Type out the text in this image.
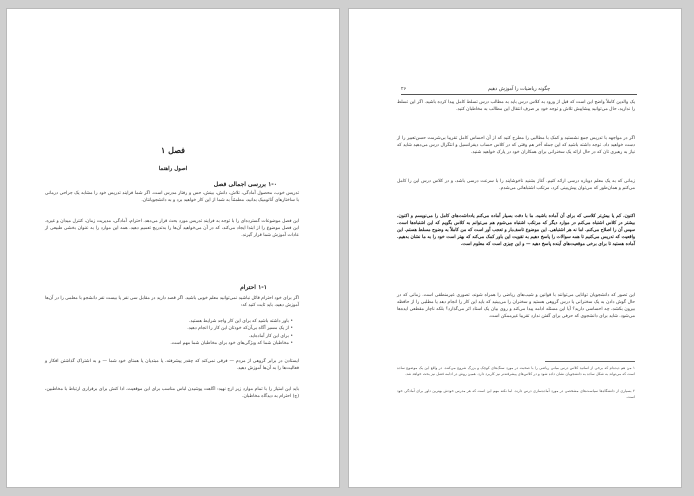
فصل ۱
اصول راهنما
۱-۰ بررسی اجمالی فصل

تدریس خوب، محصول آمادگی، تلاش، دانش، بینش، حس و رفتار مدرس است. اگر شما فرایند تدریس خود را مشابه یک جراحی درمانی با ساختارهای آناتومیک بدانید، مطمئناً به شما از این کار خواهید برد و به دانشجویانتان.

این فصل موضوعات گسترده‌ای را با توجه به فرایند تدریس مورد بحث قرار می‌دهد. احترام، آمادگی، مدیریت زمان، کنترل میدان و غیره. این فصل موضوع را از ابتدا ایجاد می‌کند، که در آن می‌خواهید آن‌ها را به‌تدریج تعمیم دهید. همه این موارد را به عنوان بخشی طبیعی از عادات آموزش شما قرار گیرند.

۱-۱ احترام

اگر برای خود احترام قائل نباشید نمی‌توانید معلم خوبی باشید. اگر قصد دارید در مقابل سی نفر یا بیست نفر دانشجو با معلمی را در آن‌ها آموزش دهید، باید ثابت کنید که:

• باور داشته باشید که برای این کار واجد شرایط هستید.
• از یک مسیر آگاه بی‌آن‌که خودتان این کار را انجام دهید.
• برای این کار آماده‌اید.
• مخاطبان شما که ویژگی‌های خود برای مخاطبان شما مهم است.

ایستادن در برابر گروهی از مردم — فرقی نمی‌کند که چقدر پیشرفته، یا مبتدیان یا همتای خود شما — و به اشتراک گذاشتن افکار و فعالیت‌ها را به آن‌ها آموزش دهید.

باید این امتیاز را با تمام موارد زیر ارج نهید: اگاهت پوشیدن لباس مناسب برای این موقعیت، ادا کنش برای برقراری ارتباط با مخاطبین، (ج) احترام به دیدگاه مخاطبان.

چگونه ریاضیات را آموزش دهیم
۲۶

یک والدین کاملاً واضح این است که قبل از ورود به کلاس درس باید به مطالب درس تسلط کامل پیدا کرده باشید. اگر این تسلط را ندارید، حال می‌توانید پیشاپیش تلاش و توجه خود بر صرف انتقال این مطالب به مخاطبان کنید.

اگر در مواجهه با تدریس جمع نشستید و کمک با مطالبی را مطرح کنید که از آن احساس کامل تقریبا بی‌شرمت حسن‌تعبیر را از دست خواهید داد. توجه داشته باشید که این جمله آخر هم وقتی که در کلاس حساب دیفرانسیل و انتگرال درس می‌دهید شاید که نیاز به رهبری تان که در حال ارائه یک سخنرانی برای همکاران خود در پارک خواهید شنید.

زمانی که به یک معلم دوباره درسی ارائه کنیم. آغاز بشنید ناخوشایند را با سرعت درسی باشد، و در کلاس درس این را کامل می‌کنم و همان‌طور که می‌توان پیش‌بینی کرد، مرتکب اشتباهاتی می‌شدم.

اکنون، کم یا بیش‌تر کلاسی که برای آن آماده باشید، ما با دقت بسیار آماده می‌کنم یادداشت‌های کامل را می‌نویسم و اکنون، بیشتر در کلاس اشتباه می‌کنم در موارد دیگر که مرتکب اشتباه می‌شوم هم می‌توانم به کلاس بگویم که این اشتباه‌ها است. سپس آن را اصلاح می‌کنم. اما نه هر اشتباهی. این موضوع تاسف‌بار و تعجب آور است که من کاملاً به وضوح مسلط هستم. این واقعیت که تدریس می‌کنیم تا همه سوالات را پاسخ دهیم به تقویت این باور کمک می‌کند که بهتر است خود را به ما نشان بدهیم. آماده هستید تا برای برخی موقعیت‌های آینده پاسخ دهید — و این چیزی است که معلوم است.

این تصور که دانشجویان توانایی می‌توانند با قوانین و شیب‌های ریاضی را همراه شوند، تصوری غیرمنطقی است. زمانی که در حال گوش دادن به یک سخنرانی یا درس گروهی هستید و سخنران را می‌بینید که باید این کار را انجام دهد یا مطلبی را از حافظه بیرون بکشد، چه احساسی دارید؟ آیا این مسئله ادامه پیدا می‌کند و روی بیان یک استاد اثر می‌گذارد؟ بلکه ناچار مقطعی ایده‌ها می‌شود. شاید برای دانشجوی که حرفی برای گفتن ندارد تقریبا غیرممکن است.

۱ من هم دیده‌ام که برخی از اساتید کلاس درس مبانی ریاضی را با صحبت در مورد سنگ‌های کوچک و بزرگ شروع می‌کنند. در واقع این یک موضوع ساده است که می‌تواند به شکل ساده به دانشجویان نشان داده شود و در کلاس‌های پیشرفته‌تر نیز کاربرد دارد. همین روش در ادامه فصل نیز بحث خواهد شد.

۲ بسیاری از دانشگاه‌ها سیاست‌های مشخصی در مورد آماده‌سازی درس دارند. اما نکته مهم این است که هر مدرس خودش بهترین داور برای آمادگی خود است.
